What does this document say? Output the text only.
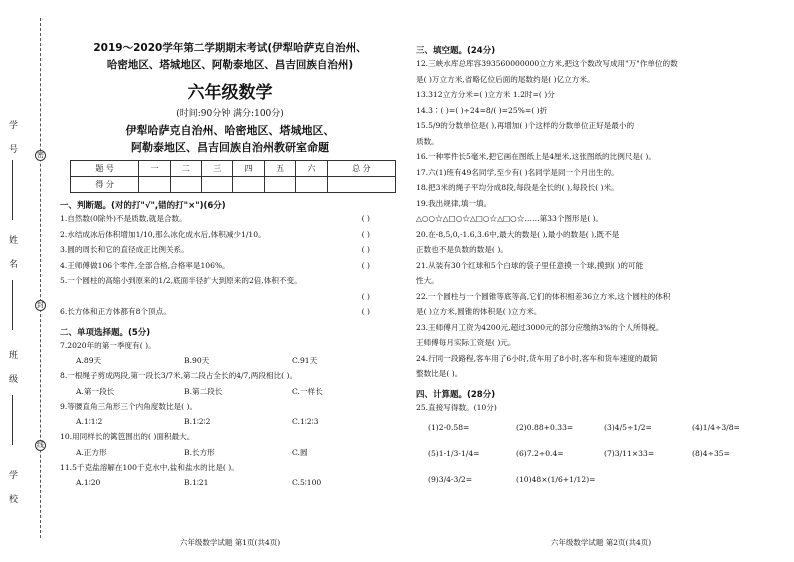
密
封
线
学 号
姓 名
班 级
学 校
2019～2020学年第二学期期末考试(伊犁哈萨克自治州、
哈密地区、塔城地区、阿勒泰地区、昌吉回族自治州)
六年级数学
(时间:90分钟 满分:100分)
伊犁哈萨克自治州、哈密地区、塔城地区、
阿勒泰地区、昌吉回族自治州教研室命题
题 号	一	二	三	四	五	六	总 分
得 分							
一、判断题。(对的打"√",错的打"×")(6分)
1.自然数(0除外)不是质数,就是合数。	( )
2.水结成冰后体积增加1/10,那么冰化成水后,体积减少1/10。	( )
3.圆的周长和它的直径成正比例关系。	( )
4.王师傅做106个零件,全部合格,合格率是106%。	( )
5.一个圆柱的高缩小到原来的1/2,底面半径扩大到原来的2倍,体积不变。
( )

6.长方体和正方体都有8个顶点。	( )
二、单项选择题。(5分)
7.2020年的第一季度有( )。
A.89天	B.90天	C.91天
8.一根绳子剪成两段,第一段长3/7米,第二段占全长的4/7,两段相比( )。
A.第一段长	B.第二段长	C.一样长
9.等腰直角三角形三个内角度数比是( )。
A.1∶1∶2	B.1∶2∶2	C.1∶2∶3
10.用同样长的篱笆围出的( )面积最大。
A.正方形	B.长方形	C.圆
11.5千克盐溶解在100千克水中,盐和盐水的比是( )。
A.1∶20	B.1∶21	C.5∶100
六年级数学试题 第1页(共4页)
三、填空题。(24分)
12.三峡水库总库容393560000000立方米,把这个数改写成用"万"作单位的数
是( )万立方米,省略亿位后面的尾数约是( )亿立方米。
13.312立方分米=( )立方米 1.2时=( )分
14.3∶( )=( )÷24=8/( )=25%=( )折
15.5/9的分数单位是( ),再增加( )个这样的分数单位正好是最小的
质数。
16.一种零件长5毫米,把它画在图纸上是4厘米,这张图纸的比例尺是( )。
17.六(1)班有49名同学,至少有( )名同学是同一个月出生的。
18.把3米的绳子平均分成8段,每段是全长的( ),每段长( )米。
19.我出规律,填一填。
△○○☆△□○☆△□○☆△□○☆……第33个图形是( )。
20.在-8,5,0,-1.6,3.6中,最大的数是( ),最小的数是( ),既不是
正数也不是负数的数是( )。
21.从装有30个红球和5个白球的袋子里任意摸一个球,摸到( )的可能
性大。
22.一个圆柱与一个圆锥等底等高,它们的体积相差36立方米,这个圆柱的体积
是( )立方米,圆锥的体积是( )立方米。
23.王师傅月工资为4200元,超过3000元的部分应缴纳3%的个人所得税。
王师傅每月实际工资是( )元。
24.行同一段路程,客车用了6小时,货车用了8小时,客车和货车速度的最简
整数比是( )。
四、计算题。(28分)
25.直接写得数。(10分)
(1)2-0.58=	(2)0.88+0.33=	(3)4/5÷1/2=	(4)1/4÷3/8=
(5)1-1/3-1/4=	(6)7.2÷0.4=	(7)3/11×33=	(8)4÷35=
(9)3/4-3/2=	(10)48×(1/6+1/12)=
六年级数学试题 第2页(共4页)
